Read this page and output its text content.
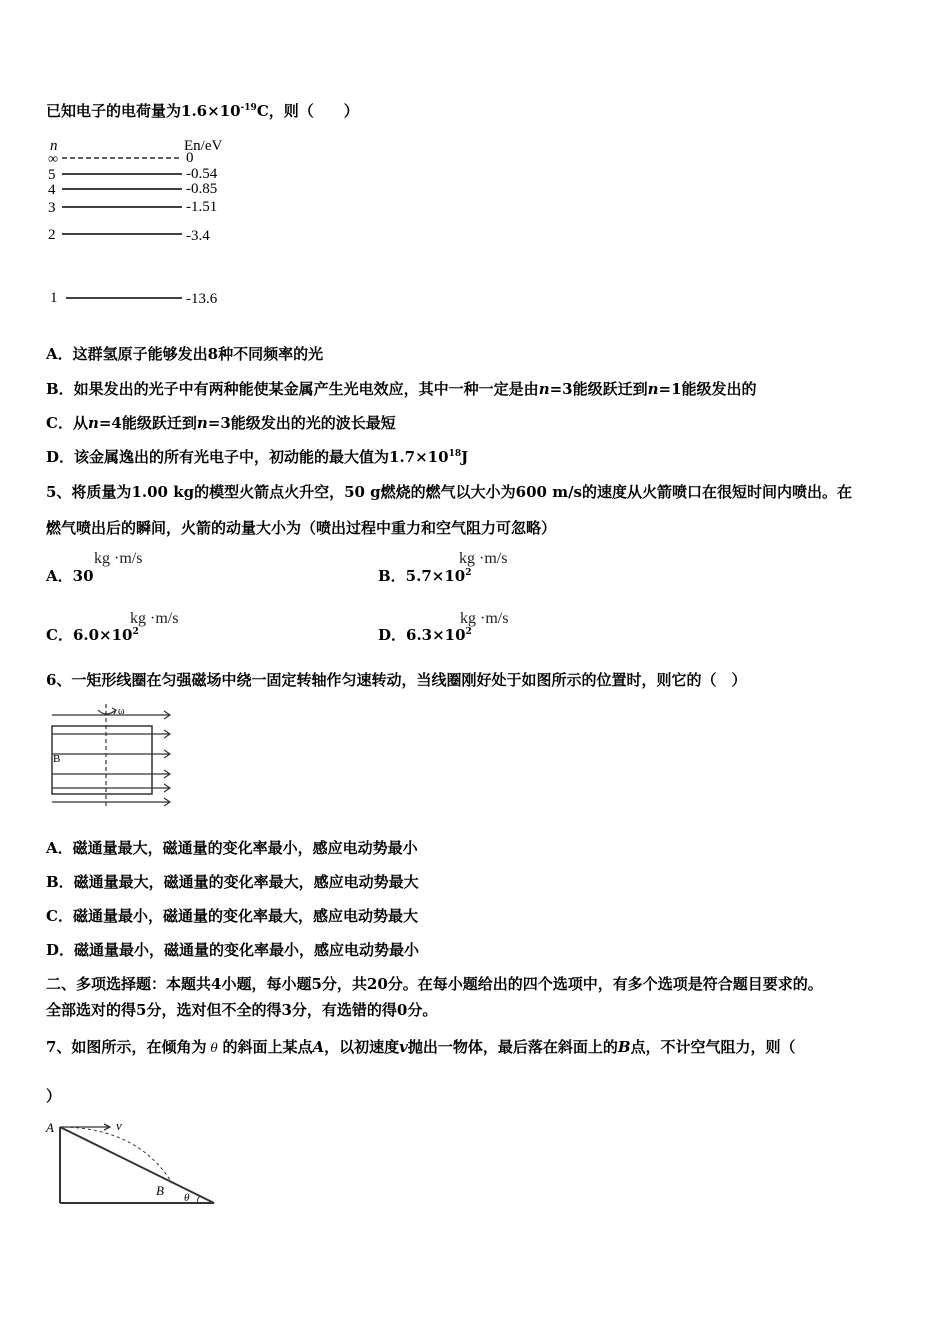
已知电子的电荷量为$1.6\times 10^{-19}C$，则（　　）
n	En/eV
∞	0
5	-0.54
4	-0.85
3	-1.51
2	-3.4
1	-13.6
A．这群氢原子能够发出8种不同频率的光
B．如果发出的光子中有两种能使某金属产生光电效应，其中一种一定是由n=3能级跃迁到n=1能级发出的
C．从n=4能级跃迁到n=3能级发出的光的波长最短
D．该金属逸出的所有光电子中，初动能的最大值为$1.7\times 10^{18}J$
5、将质量为1.00 kg的模型火箭点火升空，50 g燃烧的燃气以大小为600 m/s的速度从火箭喷口在很短时间内喷出。在
燃气喷出后的瞬间，火箭的动量大小为（喷出过程中重力和空气阻力可忽略）
A．30
kg ·m/s
B．$5.7\times 10^2$
kg ·m/s
C．$6.0\times 10^2$
kg ·m/s
D．$6.3\times 10^2$
kg ·m/s
6、一矩形线圈在匀强磁场中绕一固定转轴作匀速转动，当线圈刚好处于如图所示的位置时，则它的（　）
B
ω
A．磁通量最大，磁通量的变化率最小，感应电动势最小
B．磁通量最大，磁通量的变化率最大，感应电动势最大
C．磁通量最小，磁通量的变化率最大，感应电动势最大
D．磁通量最小，磁通量的变化率最小，感应电动势最小
二、多项选择题：本题共4小题，每小题5分，共20分。在每小题给出的四个选项中，有多个选项是符合题目要求的。
全部选对的得5分，选对但不全的得3分，有选错的得0分。
7、如图所示，在倾角为 θ 的斜面上某点A，以初速度v抛出一物体，最后落在斜面上的B点，不计空气阻力，则（
）
A	v
B θ
